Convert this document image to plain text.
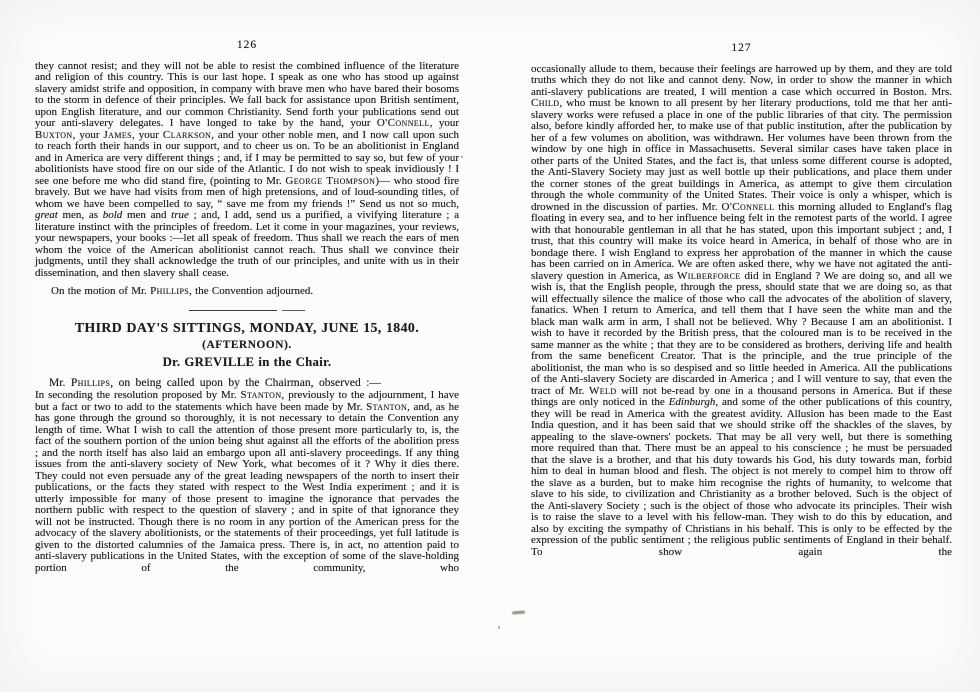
126

they cannot resist; and they will not be able to resist the combined influence of the literature and religion of this country. This is our last hope. I speak as one who has stood up against slavery amidst strife and opposition, in company with brave men who have bared their bosoms to the storm in defence of their principles. We fall back for assistance upon British sentiment, upon English literature, and our common Christianity. Send forth your publications send out your anti-slavery delegates. I have longed to take by the hand, your O'Connell, your Buxton, your James, your Clarkson, and your other noble men, and I now call upon such to reach forth their hands in our support, and to cheer us on. To be an abolitionist in England and in America are very different things ; and, if I may be permitted to say so, but few of your abolitionists have stood fire on our side of the Atlantic. I do not wish to speak invidiously ! I see one before me who did stand fire, (pointing to Mr. George Thompson)— who stood fire bravely. But we have had visits from men of high pretensions, and of loud-sounding titles, of whom we have been compelled to say, “ save me from my friends !” Send us not so much, great men, as bold men and true ; and, I add, send us a purified, a vivifying literature ; a literature instinct with the principles of freedom. Let it come in your magazines, your reviews, your newspapers, your books :—let all speak of freedom. Thus shall we reach the ears of men whom the voice of the American abolitionist cannot reach. Thus shall we convince their judgments, until they shall acknowledge the truth of our principles, and unite with us in their dissemination, and then slavery shall cease.

On the motion of Mr. Phillips, the Convention adjourned.

THIRD DAY'S SITTINGS, MONDAY, JUNE 15, 1840.

(AFTERNOON).

Dr. GREVILLE in the Chair.

Mr. Phillips, on being called upon by the Chairman, observed :—

In seconding the resolution proposed by Mr. Stanton, previously to the adjournment, I have but a fact or two to add to the statements which have been made by Mr. Stanton, and, as he has gone through the ground so thoroughly, it is not necessary to detain the Convention any length of time. What I wish to call the attention of those present more particularly to, is, the fact of the southern portion of the union being shut against all the efforts of the abolition press ; and the north itself has also laid an embargo upon all anti-slavery proceedings. If any thing issues from the anti-slavery society of New York, what becomes of it ? Why it dies there. They could not even persuade any of the great leading newspapers of the north to insert their publications, or the facts they stated with respect to the West India experiment ; and it is utterly impossible for many of those present to imagine the ignorance that pervades the northern public with respect to the question of slavery ; and in spite of that ignorance they will not be instructed. Though there is no room in any portion of the American press for the advocacy of the slavery abolitionists, or the statements of their proceedings, yet full latitude is given to the distorted calumnies of the Jamaica press. There is, in act, no attention paid to anti-slavery publications in the United States, with the exception of some of the slave-holding portion of the community, who

127

occasionally allude to them, because their feelings are harrowed up by them, and they are told truths which they do not like and cannot deny. Now, in order to show the manner in which anti-slavery publications are treated, I will mention a case which occurred in Boston. Mrs. Child, who must be known to all present by her literary productions, told me that her anti-slavery works were refused a place in one of the public libraries of that city. The permission also, before kindly afforded her, to make use of that public institution, after the publication by her of a few volumes on abolition, was withdrawn. Her volumes have been thrown from the window by one high in office in Massachusetts. Several similar cases have taken place in other parts of the United States, and the fact is, that unless some different course is adopted, the Anti-Slavery Society may just as well bottle up their publications, and place them under the corner stones of the great buildings in America, as attempt to give them circulation through the whole community of the United States. Their voice is only a whisper, which is drowned in the discussion of parties. Mr. O'Connell this morning alluded to England's flag floating in every sea, and to her influence being felt in the remotest parts of the world. I agree with that honourable gentleman in all that he has stated, upon this important subject ; and, I trust, that this country will make its voice heard in America, in behalf of those who are in bondage there. I wish England to express her approbation of the manner in which the cause has been carried on in America. We are often asked there, why we have not agitated the anti-slavery question in America, as Wilberforce did in England ? We are doing so, and all we wish is, that the English people, through the press, should state that we are doing so, as that will effectually silence the malice of those who call the advocates of the abolition of slavery, fanatics. When I return to America, and tell them that I have seen the white man and the black man walk arm in arm, I shall not be believed. Why ? Because I am an abolitionist. I wish to have it recorded by the British press, that the coloured man is to be received in the same manner as the white ; that they are to be considered as brothers, deriving life and health from the same beneficent Creator. That is the principle, and the true principle of the abolitionist, the man who is so despised and so little heeded in America. All the publications of the Anti-slavery Society are discarded in America ; and I will venture to say, that even the tract of Mr. Weld will not be-read by one in a thousand persons in America. But if these things are only noticed in the Edinburgh, and some of the other publications of this country, they will be read in America with the greatest avidity. Allusion has been made to the East India question, and it has been said that we should strike off the shackles of the slaves, by appealing to the slave-owners' pockets. That may be all very well, but there is something more required than that. There must be an appeal to his conscience ; he must be persuaded that the slave is a brother, and that his duty towards his God, his duty towards man, forbid him to deal in human blood and flesh. The object is not merely to compel him to throw off the slave as a burden, but to make him recognise the rights of humanity, to welcome that slave to his side, to civilization and Christianity as a brother beloved. Such is the object of the Anti-slavery Society ; such is the object of those who advocate its principles. Their wish is to raise the slave to a level with his fellow-man. They wish to do this by education, and also by exciting the sympathy of Christians in his behalf. This is only to be effected by the expression of the public sentiment ; the religious public sentiments of England in their behalf. To show again the
